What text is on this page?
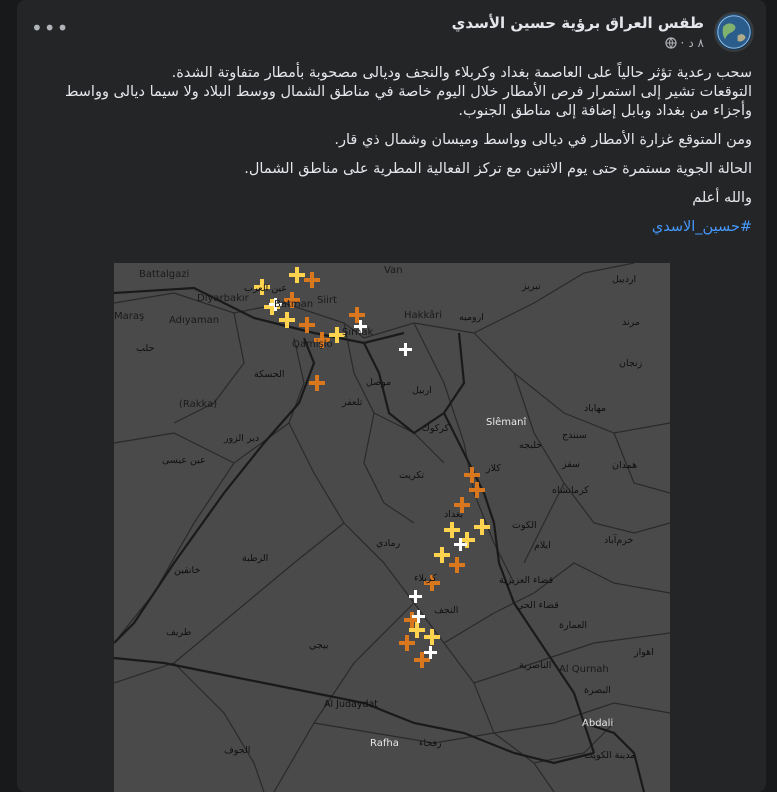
طقس العراق برؤية حسين الأسدي
٨ د
·
•••

سحب رعدية تؤثر حالياً على العاصمة بغداد وكربلاء والنجف وديالى مصحوبة بأمطار متفاوتة الشدة.

التوقعات تشير إلى استمرار فرص الأمطار خلال اليوم خاصة في مناطق الشمال ووسط البلاد ولا سيما ديالى وواسط وأجزاء من بغداد وبابل إضافة إلى مناطق الجنوب.

ومن المتوقع غزارة الأمطار في ديالى وواسط وميسان وشمال ذي قار.

الحالة الجوية مستمرة حتى يوم الاثنين مع تركز الفعالية المطرية على مناطق الشمال.

والله أعلم

#حسين_الاسدي

Battalgazi
Diyarbakır
Batman Siirt
Van
Adıyaman
Maraş
Şırnak
Hakkâri
Qamişlo
(Rakka)
Slêmanî
Al Qurnah
Abdali
Rafha
عين العرب
حلب
الحسكة
دير الزور
موصل
تلعفر
اربيل
كركوك
تكريت
اروميه
تبريز
اردبيل
زنجان
مرند
سقز
سنندج
همدان
كرمانشاه
مهاباد
حلبجه
ايلام	خرم‌آباد
كلار
بغداد
رمادي
كربلاء
النجف
الكوت
قضاء الحي
قضاء العزيزية
العمارة
الناصرية
اهواز
البصرة
مدينة الكويت
الرطبة
طريف
Al Judaydat
الجوف
رفحاء
بيجي
خانقين
عين عيسى
